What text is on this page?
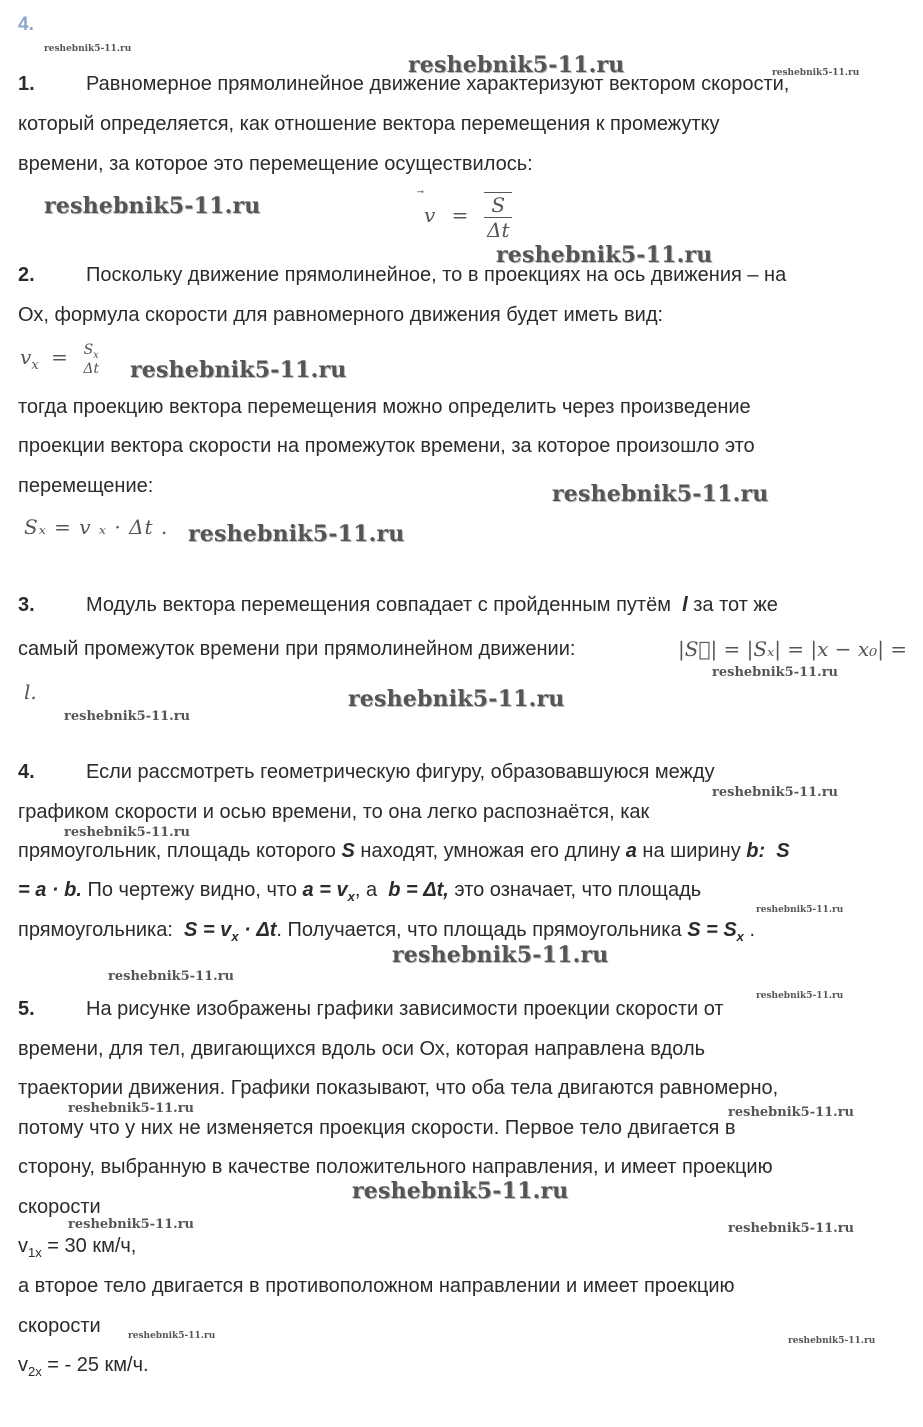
4.
1.	Равномерное прямолинейное движение характеризуют вектором скорости,
который определяется, как отношение вектора перемещения к промежутку
времени, за которое это перемещение осуществилось:
$v = \frac{S}{\Delta t}$
2.	Поскольку движение прямолинейное, то в проекциях на ось движения – на
Ох, формула скорости для равномерного движения будет иметь вид:
$v_x = S_x$
Δt
тогда проекцию вектора перемещения можно определить через произведение
проекции вектора скорости на промежуток времени, за которое произошло это
перемещение:
Sₓ = v ₓ · Δt .
3.	Модуль вектора перемещения совпадает с пройденным путём l за тот же
самый промежуток времени при прямолинейном движении:	|S⃗| = |Sₓ| = |x − x₀| =
l.
4.	Если рассмотреть геометрическую фигуру, образовавшуюся между
графиком скорости и осью времени, то она легко распознаётся, как
прямоугольник, площадь которого S находят, умножая его длину a на ширину b: S
= a · b. По чертежу видно, что $a = v_x$, а b = Δt, это означает, что площадь
прямоугольника: $S = v_x \cdot \Delta t$. Получается, что площадь прямоугольника $S = S_x$ .
5.	На рисунке изображены графики зависимости проекции скорости от
времени, для тел, двигающихся вдоль оси Ох, которая направлена вдоль
траектории движения. Графики показывают, что оба тела двигаются равномерно,
потому что у них не изменяется проекция скорости. Первое тело двигается в
сторону, выбранную в качестве положительного направления, и имеет проекцию
скорости
$v_{1x} = 30$ км/ч,
а второе тело двигается в противоположном направлении и имеет проекцию
скорости
$v_{2x}$ = - 25 км/ч.
reshebnik5-11.ru
reshebnik5-11.ru	reshebnik5-11.ru
reshebnik5-11.ru
reshebnik5-11.ru
reshebnik5-11.ru
reshebnik5-11.ru
reshebnik5-11.ru
reshebnik5-11.ru
reshebnik5-11.ru
reshebnik5-11.ru
reshebnik5-11.ru
reshebnik5-11.ru
reshebnik5-11.ru
reshebnik5-11.ru
reshebnik5-11.ru
reshebnik5-11.ru
reshebnik5-11.ru	reshebnik5-11.ru
reshebnik5-11.ru
reshebnik5-11.ru	reshebnik5-11.ru
reshebnik5-11.ru	reshebnik5-11.ru
